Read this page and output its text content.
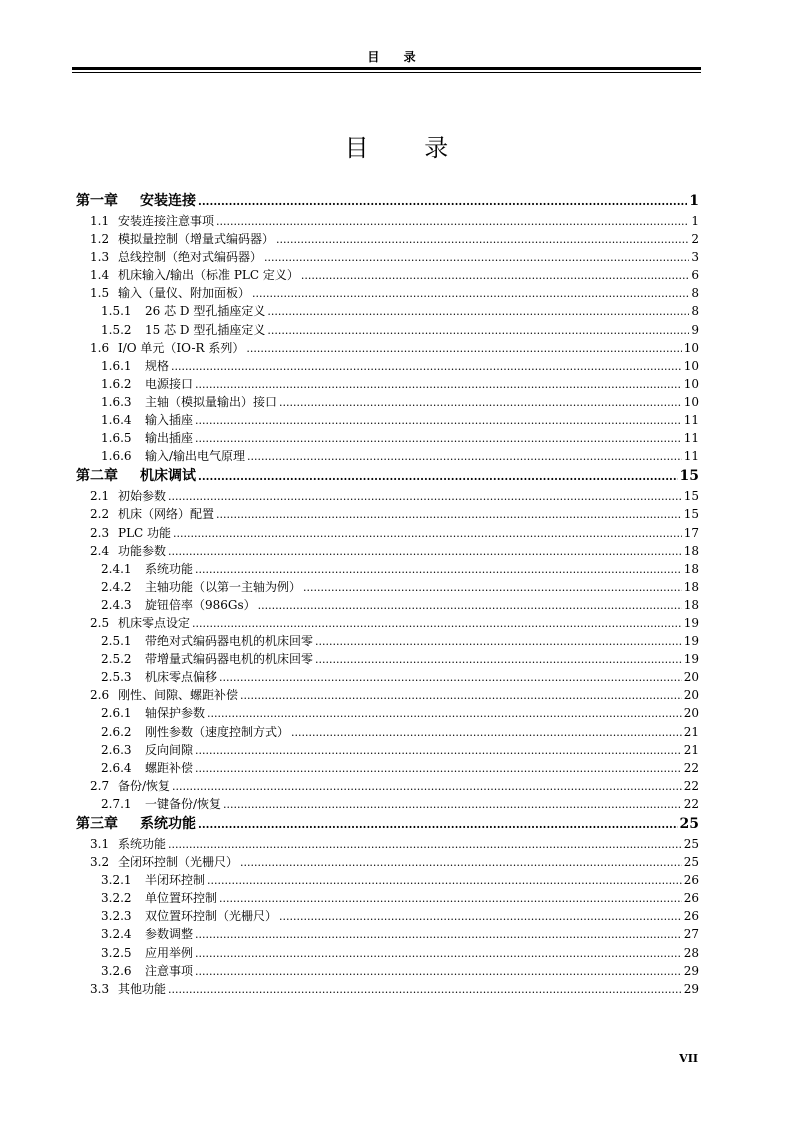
目 录
目 录
第一章	安装连接 .....	1
1.1 安装连接注意事项 .....	1
1.2 模拟量控制（增量式编码器） .....	2
1.3 总线控制（绝对式编码器） .....	3
1.4 机床输入/输出（标准 PLC 定义） .....	6
1.5 输入（量仪、附加面板） .....	8
1.5.1	26 芯 D 型孔插座定义 .....	8
1.5.2	15 芯 D 型孔插座定义 .....	9
1.6 I/O 单元（IO-R 系列） .....	10
1.6.1	规格 .....	10
1.6.2	电源接口 .....	10
1.6.3	主轴（模拟量输出）接口 .....	10
1.6.4	输入插座 .....	11
1.6.5	输出插座 .....	11
1.6.6	输入/输出电气原理 .....	11
第二章	机床调试 .....	15
2.1 初始参数 .....	15
2.2 机床（网络）配置 .....	15
2.3 PLC 功能 .....	17
2.4 功能参数 .....	18
2.4.1	系统功能 .....	18
2.4.2	主轴功能（以第一主轴为例） .....	18
2.4.3	旋钮倍率（986Gs） .....	18
2.5 机床零点设定 .....	19
2.5.1	带绝对式编码器电机的机床回零 .....	19
2.5.2	带增量式编码器电机的机床回零 .....	19
2.5.3	机床零点偏移 .....	20
2.6 刚性、间隙、螺距补偿 .....	20
2.6.1	轴保护参数 .....	20
2.6.2	刚性参数（速度控制方式） .....	21
2.6.3	反向间隙 .....	21
2.6.4	螺距补偿 .....	22
2.7 备份/恢复 .....	22
2.7.1	一键备份/恢复 .....	22
第三章	系统功能 .....	25
3.1 系统功能 .....	25
3.2 全闭环控制（光栅尺） .....	25
3.2.1	半闭环控制 .....	26
3.2.2	单位置环控制 .....	26
3.2.3	双位置环控制（光栅尺） .....	26
3.2.4	参数调整 .....	27
3.2.5	应用举例 .....	28
3.2.6	注意事项 .....	29
3.3 其他功能 .....	29
VII
